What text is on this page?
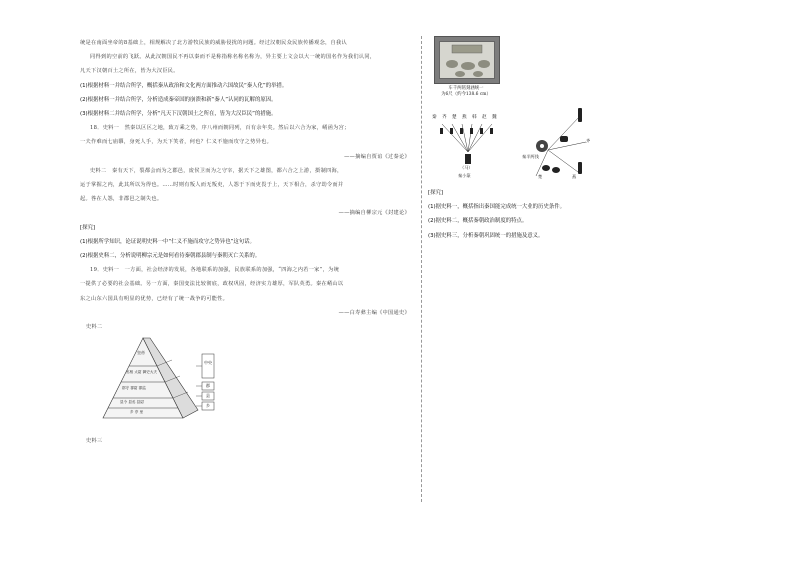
统是在南面坐帝的8基础上，相规解决了北方游牧民族的威胁侵扰的问题。经过汉朝民众民族传播观念，自我认
同得到的空前的飞跃。从此汉朝国民不再以秦而不是称指称名称名称为，异主要上文会以大一统的国名作为我们认同，
凡天下汉朝百土之所在，皆为大汉臣民。
(1)根据材料一并结合所学，概括秦从政治和文化两方面推动六国故民“秦人化”的举措。
(2)根据材料一并结合所学，分析造成秦帝国的崩溃和新“秦人”认同的瓦解的原因。
(3)根据材料二并结合所学，分析“凡天下汉朝国土之所在，皆为大汉臣民”的措施。
18．史料一　然秦以区区之地，致万乘之势，序八州而朝同列，百有余年矣。然后以六合为家，崤函为宫；
一夫作难而七庙隳，身死人手，为天下笑者，何也？仁义不施而攻守之势异也。
——摘编自贾谊《过秦论》
史料二　秦有天下，裂都会而为之郡邑，废侯卫而为之守宰，据天下之雄图，都六合之上游，摄制四海，
运于掌握之内，此其所以为得也。……时则有叛人而无叛吏，人怨于下而吏畏于上，天下相合，杀守劫令而并
起。咎在人怨，非郡邑之制失也。
——摘编自柳宗元《封建论》
[探究]
(1)根据所学知识，论证说明史料一中“仁义不施而攻守之势异也”这句话。
(2)根据史料二，分析说明柳宗元是如何看待秦朝郡县制与秦朝灭亡关系的。
19．史料一　一方面，社会经济的发展，各地联系的加强，民族联系的加强，“四海之内若一家”，为统
一提供了必要的社会基础。另一方面，秦国变法比较彻底，政权巩固，经济实力雄厚，军队英勇。秦在崤山以
东之山东六国具有明显的优势，已经有了统一战争的可能性。
——白寿彝主编《中国通史》
史料二
皇帝
丞相 太尉 御史大夫
郡守 郡尉 郡监
县令 县丞 县尉
乡 亭 里
中央
郡
县
乡
史料三
车千两铭刻涵统一
为6尺（约今138.6 cm）
秦 齐 楚 燕 韩 赵 魏
（马）
秦小篆
秦半两钱
齐
楚	燕
[探究]
(1)据史料一，概括指出秦国能完成统一大业的历史条件。
(2)据史料二，概括秦朝政治制度的特点。
(3)据史料三，分析秦朝巩固统一的措施及意义。
